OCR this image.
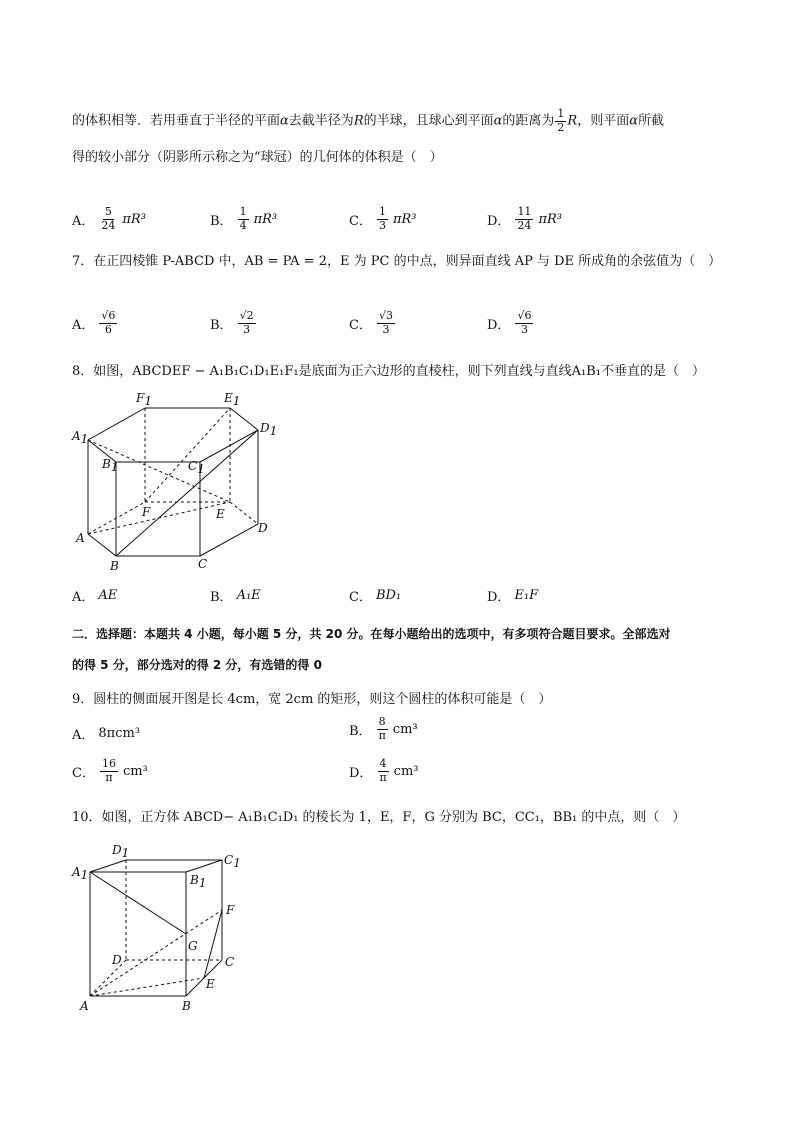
的体积相等．若用垂直于半径的平面α去截半径为R的半球，且球心到平面α的距离为 $\frac{1}{2}$ R，则平面α所截
得的较小部分（阴影所示称之为“球冠）的几何体的体积是（　）
A． $\frac{5}{24} \pi R^3$	B． $\frac{1}{4} \pi R^3$	C． $\frac{1}{3} \pi R^3$	D． $\frac{11}{24} \pi R^3$
7．在正四棱锥 P-ABCD 中，AB = PA = 2，E 为 PC 的中点，则异面直线 AP 与 DE 所成角的余弦值为（　）
A． $\frac{√6}{6}$	B． $\frac{√2}{3}$	C． $\frac{√3}{3}$	D． $\frac{√6}{3}$
8．如图，ABCDEF − A₁B₁C₁D₁E₁F₁是底面为正六边形的直棱柱，则下列直线与直线A₁B₁不垂直的是（　）
F1	E1
D1
A1
B1	C1
F	E
D
A
B	C
A． AE	B． A₁E	C． BD₁	D． E₁F
二．选择题：本题共 4 小题，每小题 5 分，共 20 分。在每小题给出的选项中，有多项符合题目要求。全部选对
的得 5 分，部分选对的得 2 分，有选错的得 0
9．圆柱的侧面展开图是长 4cm，宽 2cm 的矩形，则这个圆柱的体积可能是（　）
A． 8πcm³	B． $\frac{8}{\pi} cm^3$
C． $\frac{16}{\pi} cm^3$	D． $\frac{4}{\pi} cm^3$
10．如图，正方体 ABCD− A₁B₁C₁D₁ 的棱长为 1，E，F，G 分别为 BC，CC₁，BB₁ 的中点，则（　）
D1	C1
A1	B1
F
G
D	C
E
A	B
